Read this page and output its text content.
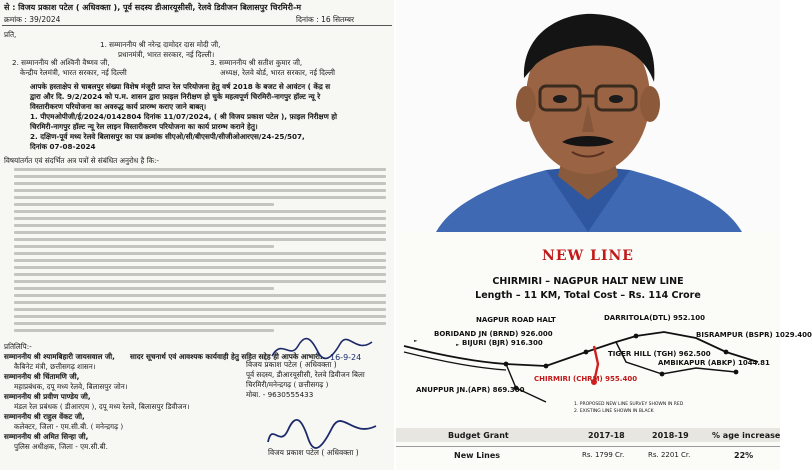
से : विजय प्रकाश पटेल ( अधिवक्ता ), पूर्व सदस्य डीआरयूसीसी, रेलवे डिवीजन बिलासपुर चिरमिरी-म
क्रमांक : 39/2024	दिनांक : 16 सितम्बर
प्रति,
1. सम्माननीय श्री नरेन्द्र दामोदर दास मोदी जी,
प्रधानमंत्री, भारत सरकार, नई दिल्ली।
2. सम्माननीय श्री अश्विनी वैष्णव जी,
केन्द्रीय रेलमंत्री, भारत सरकार, नई दिल्ली
3. सम्माननीय श्री सतीश कुमार जी,
अध्यक्ष, रेलवे बोर्ड, भारत सरकार, नई दिल्ली
आपके हस्ताक्षेप से चाबलपुर संख्या विशेष मंजूरी प्राप्त रेल परियोजना हेतु वर्ष 2018 के बजट से आवंटन ( केंद्र स
द्वारा और दि. 9/2/2024 को प.म. शासन द्वारा फ़ाइल निरीक्षण हो चुके महत्वपूर्ण चिरमिरी-नागपुर हॉल्ट न्यू रे
विस्तारीकरण परियोजना का अवरुद्ध कार्य प्रारम्भ कराए जाने बाबत्।
1. पीएमओपीजी/ई/2024/0142804 दिनांक 11/07/2024, ( श्री विजय प्रकाश पटेल ), फ़ाइल निरीक्षण हो
चिरमिरी-नागपुर हॉल्ट न्यू रेल लाइन विस्तारीकरण परियोजना का कार्य प्रारम्भ कराने हेतु।
2. दक्षिण-पूर्व मध्य रेलवे बिलासपुर का पत्र क्रमांक सीएओ/सी/बीएसपी/सीजीओआरएस/24-25/507,
दिनांक 07-08-2024
विषयांतर्गत एवं संदर्भित अत्र पत्रों से संबंधित अनुरोध है कि:-
सादर सूचनार्थ एवं आवश्यक कार्यवाही हेतु सहित सद्देह ही आपके आभारी...
प्रतिलिपि:-
सम्माननीय श्री श्यामबिहारी जायसवाल जी,
कैबिनेट मंत्री, छत्तीसगढ़ शासन।
सम्माननीय श्री चिंतामणि जी,
महाप्रबंधक, दपू मध्य रेलवे, बिलासपुर जोन।
सम्माननीय श्री प्रवीण पाण्डेय जी,
मंडल रेल प्रबंधक ( डीआरएम ), दपू मध्य रेलवे, बिलासपुर डिवीजन।
सम्माननीय श्री राहुल वेंकट जी,
कलेक्टर, जिला - एम.सी.बी. ( मनेन्द्रगढ़ )
सम्माननीय श्री अमित सिन्हा जी,
पुलिस अधीक्षक, जिला - एम.सी.बी.
16-9-24
विजय प्रकाश पटेल ( अधिवक्ता )
पूर्व सदस्य, डीआरयूसीसी, रेलवे डिवीजन बिला
चिरमिरी/मनेन्द्रगढ़ ( छत्तीसगढ़ )
मोबा. - 9630555433
विजय प्रकाश पटेल ( अधिवक्ता )
NEW LINE
CHIRMIRI – NAGPUR HALT NEW LINE
Length – 11 KM, Total Cost – Rs. 114 Crore
►
►
NAGPUR ROAD HALT
BORIDAND JN (BRND) 926.000
BIJURI (BJR) 916.300
DARRITOLA(DTL) 952.100
BISRAMPUR (BSPR) 1029.400
TIGER HILL (TGH) 962.500
AMBIKAPUR (ABKP) 1044.81
CHIRMIRI (CHRM) 955.400
ANUPPUR JN.(APR) 869.300
1. PROPOSED NEW LINE SURVEY SHOWN IN RED
2. EXISTING LINE SHOWN IN BLACK
Budget Grant	2017-18	2018-19	% age increase
New Lines	Rs. 1799 Cr.	Rs. 2201 Cr.	22%
